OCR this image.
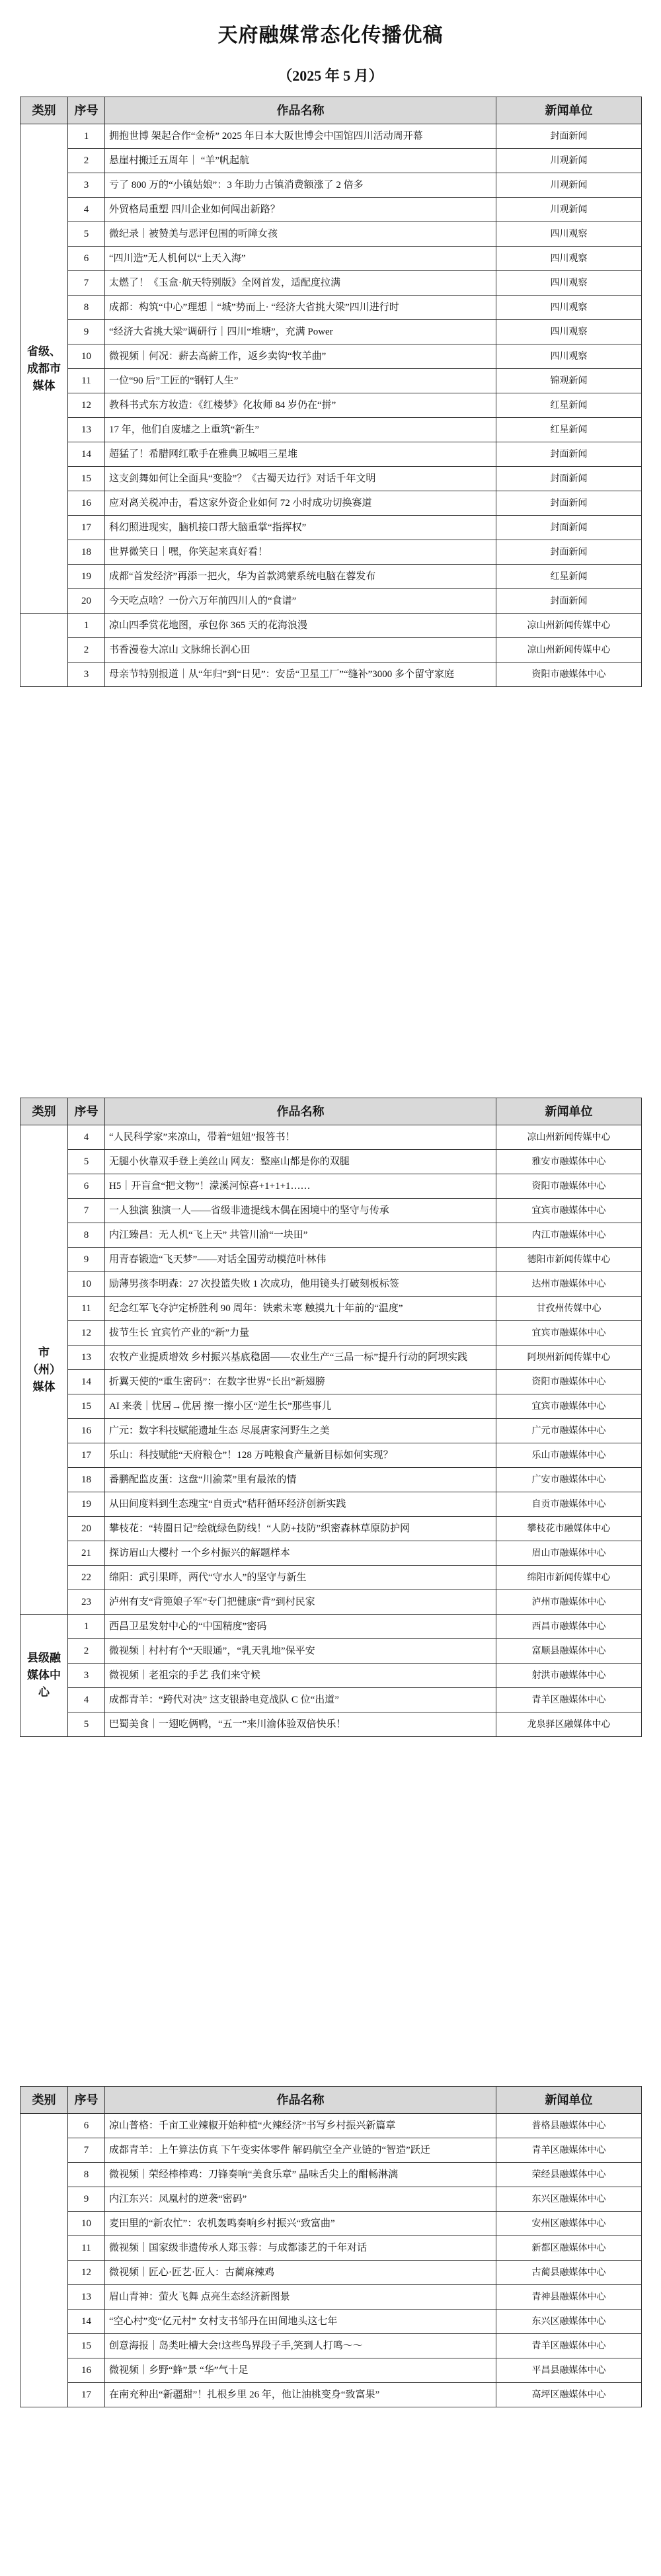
天府融媒常态化传播优稿
（2025 年 5 月）
类别	序号	作品名称	新闻单位
省级、成都市媒体	1	拥抱世博 架起合作“金桥” 2025 年日本大阪世博会中国馆四川活动周开幕	封面新闻
	2	悬崖村搬迁五周年｜ “羊”帆起航	川观新闻
	3	亏了 800 万的“小镇姑娘”：3 年助力古镇消费额涨了 2 倍多	川观新闻
	4	外贸格局重塑 四川企业如何闯出新路？	川观新闻
	5	微纪录｜被赞美与恶评包围的听障女孩	四川观察
	6	“四川造”无人机何以“上天入海”	四川观察
	7	太燃了！《玉盒·航天特别版》全网首发，适配度拉满	四川观察
	8	成都：构筑“中心”理想｜“城”势而上· “经济大省挑大梁”四川进行时	四川观察
	9	“经济大省挑大梁”调研行｜四川“堆塘”，充满 Power	四川观察
	10	微视频｜何况：薪去高薪工作，返乡卖钩“牧羊曲”	四川观察
	11	一位“90 后”工匠的“钢钉人生”	锦观新闻
	12	教科书式东方妆造：《红楼梦》化妆师 84 岁仍在“拼”	红星新闻
	13	17 年，他们自废墟之上重筑“新生”	红星新闻
	14	超猛了！希腊网红歌手在雅典卫城唱三星堆	封面新闻
	15	这支剑舞如何让全面具“变脸”？《古蜀天边行》对话千年文明	封面新闻
	16	应对离关税冲击，看这家外资企业如何 72 小时成功切换赛道	封面新闻
	17	科幻照进现实，脑机接口帮大脑重掌“指挥权”	封面新闻
	18	世界微笑日｜嘿，你笑起来真好看！	封面新闻
	19	成都“首发经济”再添一把火，华为首款鸿蒙系统电脑在蓉发布	红星新闻
	20	今天吃点啥？一份六万年前四川人的“食谱”	封面新闻
	1	凉山四季赏花地图，承包你 365 天的花海浪漫	凉山州新闻传媒中心
	2	书香漫卷大凉山 文脉绵长润心田	凉山州新闻传媒中心
	3	母亲节特别报道｜从“年归”到“日见”：安岳“卫星工厂”“缝补”3000 多个留守家庭	资阳市融媒体中心
类别	序号	作品名称	新闻单位
市（州）媒体	4	“人民科学家”来凉山，带着“妞妞”报答书！	凉山州新闻传媒中心
	5	无腿小伙靠双手登上美丝山 网友：整座山都是你的双腿	雅安市融媒体中心
	6	H5｜开盲盒“把文物”！濛溪河惊喜+1+1+1……	资阳市融媒体中心
	7	一人独演 独演一人——省级非遗提线木偶在困境中的坚守与传承	宜宾市融媒体中心
	8	内江臻昌：无人机“飞上天” 共管川渝“一块田”	内江市融媒体中心
	9	用青春锻造“飞天梦”——对话全国劳动模范叶林伟	德阳市新闻传媒中心
	10	励薄男孩李明森：27 次投篮失败 1 次成功，他用镜头打破刻板标签	达州市融媒体中心
	11	纪念红军飞夺泸定桥胜利 90 周年：铁索未寒 触摸九十年前的“温度”	甘孜州传媒中心
	12	拔节生长 宜宾竹产业的“新”力量	宜宾市融媒体中心
	13	农牧产业提质增效 乡村振兴基底稳固——农业生产“三品一标”提升行动的阿坝实践	阿坝州新闻传媒中心
	14	折翼天使的“重生密码”：在数字世界“长出”新翅膀	资阳市融媒体中心
	15	AI 来袭｜忧居→优居 擦一擦小区“逆生长”那些事儿	宜宾市融媒体中心
	16	广元：数字科技赋能遗址生态 尽展唐家河野生之美	广元市融媒体中心
	17	乐山：科技赋能“天府粮仓”！128 万吨粮食产量新目标如何实现？	乐山市融媒体中心
	18	番鹏配监皮蛋：这盘“川渝菜”里有最浓的情	广安市融媒体中心
	19	从田间度料到生态瑰宝“自贡式”秸秆循环经济创新实践	自贡市融媒体中心
	20	攀枝花：“转圈日记”绘就绿色防线！“人防+技防”织密森林草原防护网	攀枝花市融媒体中心
	21	探访眉山大樱村 一个乡村振兴的解题样本	眉山市融媒体中心
	22	绵阳：武引果畔，两代“守水人”的坚守与新生	绵阳市新闻传媒中心
	23	泸州有支“背篼娘子军”专门把健康“背”到村民家	泸州市融媒体中心
县级融媒体中心	1	西昌卫星发射中心的“中国精度”密码	西昌市融媒体中心
	2	微视频｜村村有个“天眼通”，“乳天乳地”保平安	富顺县融媒体中心
	3	微视频｜老祖宗的手艺 我们来守候	射洪市融媒体中心
	4	成都青羊：“跨代对决” 这支银龄电竞战队 C 位“出道”	青羊区融媒体中心
	5	巴蜀美食｜一翅吃俩鸭，“五一”来川渝体验双倍快乐！	龙泉驿区融媒体中心
类别	序号	作品名称	新闻单位
	6	凉山普格：千亩工业辣椒开始种植“火辣经济”书写乡村振兴新篇章	普格县融媒体中心
	7	成都青羊：上午算法仿真 下午变实体零件 解码航空全产业链的“智造”跃迁	青羊区融媒体中心
	8	微视频｜荣经棒棒鸡：刀锋奏响“美食乐章” 晶味舌尖上的酣畅淋漓	荣经县融媒体中心
	9	内江东兴：凤凰村的逆袭“密码”	东兴区融媒体中心
	10	麦田里的“新农忙”：农机轰鸣奏响乡村振兴“致富曲”	安州区融媒体中心
	11	微视频｜国家级非遗传承人郑玉蓉：与成都漆艺的千年对话	新都区融媒体中心
	12	微视频｜匠心·匠艺·匠人：古蔺麻辣鸡	古蔺县融媒体中心
	13	眉山青神：萤火飞舞 点亮生态经济新图景	青神县融媒体中心
	14	“空心村”变“亿元村” 女村支书邹丹在田间地头这七年	东兴区融媒体中心
	15	创意海报｜岛类吐槽大会!这些鸟界段子手,笑到人打鸣～～	青羊区融媒体中心
	16	微视频｜乡野“蜂”景 “华”气十足	平昌县融媒体中心
	17	在南充种出“新疆甜”！扎根乡里 26 年，他让油桃变身“致富果”	高坪区融媒体中心
